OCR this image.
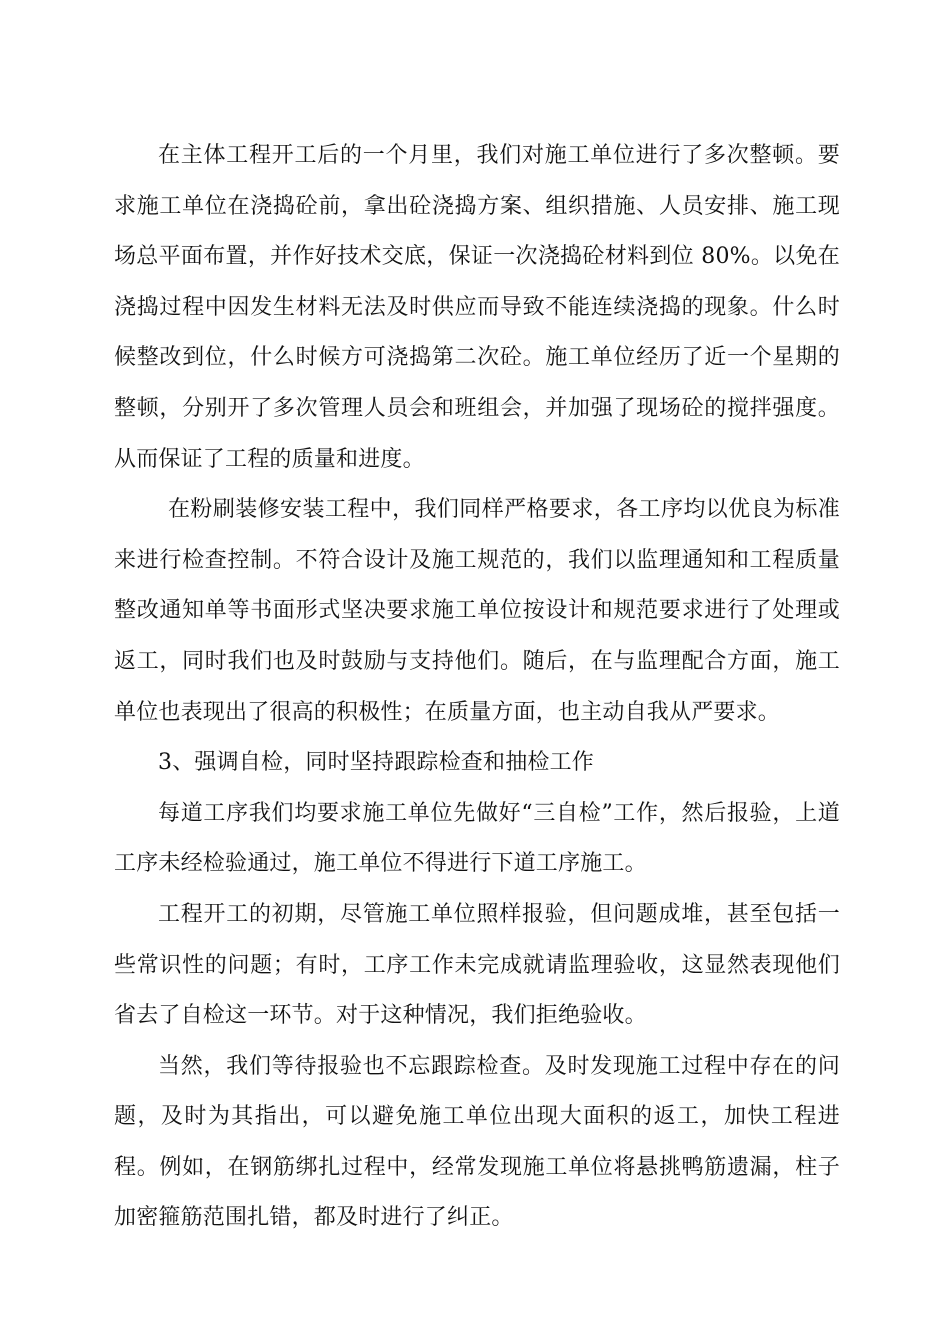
在主体工程开工后的一个月里，我们对施工单位进行了多次整顿。要求施工单位在浇捣砼前，拿出砼浇捣方案、组织措施、人员安排、施工现场总平面布置，并作好技术交底，保证一次浇捣砼材料到位 80%。以免在浇捣过程中因发生材料无法及时供应而导致不能连续浇捣的现象。什么时候整改到位，什么时候方可浇捣第二次砼。施工单位经历了近一个星期的整顿，分别开了多次管理人员会和班组会，并加强了现场砼的搅拌强度。从而保证了工程的质量和进度。

在粉刷装修安装工程中，我们同样严格要求，各工序均以优良为标准来进行检查控制。不符合设计及施工规范的，我们以监理通知和工程质量整改通知单等书面形式坚决要求施工单位按设计和规范要求进行了处理或返工，同时我们也及时鼓励与支持他们。随后，在与监理配合方面，施工单位也表现出了很高的积极性；在质量方面，也主动自我从严要求。

3、强调自检，同时坚持跟踪检查和抽检工作

每道工序我们均要求施工单位先做好“三自检”工作，然后报验，上道工序未经检验通过，施工单位不得进行下道工序施工。

工程开工的初期，尽管施工单位照样报验，但问题成堆，甚至包括一些常识性的问题；有时，工序工作未完成就请监理验收，这显然表现他们省去了自检这一环节。对于这种情况，我们拒绝验收。

当然，我们等待报验也不忘跟踪检查。及时发现施工过程中存在的问题，及时为其指出，可以避免施工单位出现大面积的返工，加快工程进程。例如，在钢筋绑扎过程中，经常发现施工单位将悬挑鸭筋遗漏，柱子加密箍筋范围扎错，都及时进行了纠正。
